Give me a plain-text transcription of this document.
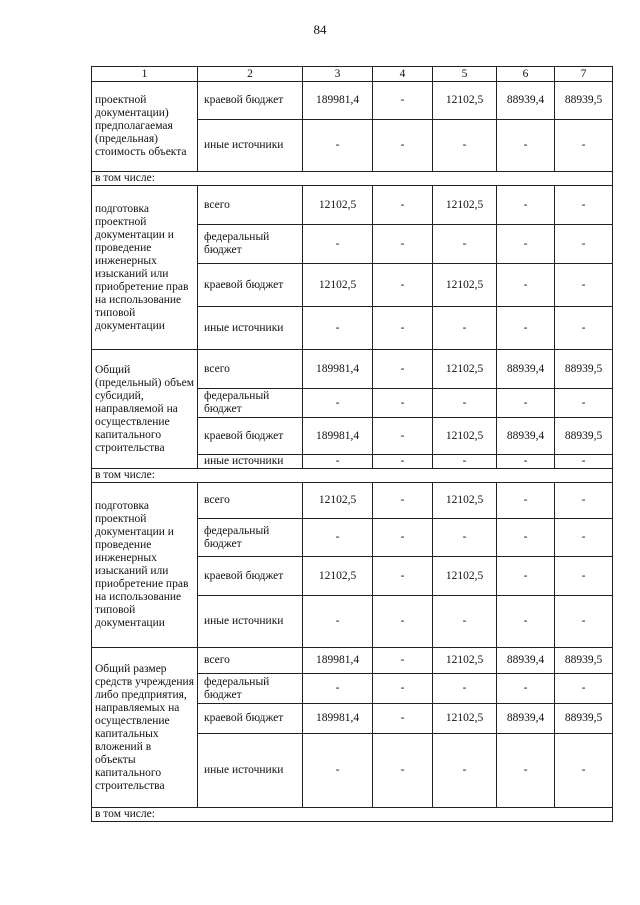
84
1	2	3	4	5	6	7
проектной документации) предполагаемая (предельная) стоимость объекта	краевой бюджет	189981,4	-	12102,5	88939,4	88939,5
	иные источники	-	-	-	-	-
в том числе:						
подготовка проектной документации и проведение инженерных изысканий или приобретение прав на использование типовой документации	всего	12102,5	-	12102,5	-	-
	федеральный бюджет	-	-	-	-	-
	краевой бюджет	12102,5	-	12102,5	-	-
	иные источники	-	-	-	-	-
Общий (предельный) объем субсидий, направляемой на осуществление капитального строительства	всего	189981,4	-	12102,5	88939,4	88939,5
	федеральный бюджет	-	-	-	-	-
	краевой бюджет	189981,4	-	12102,5	88939,4	88939,5
	иные источники	-	-	-	-	-
в том числе:						
подготовка проектной документации и проведение инженерных изысканий или приобретение прав на использование типовой документации	всего	12102,5	-	12102,5	-	-
	федеральный бюджет	-	-	-	-	-
	краевой бюджет	12102,5	-	12102,5	-	-
	иные источники	-	-	-	-	-
Общий размер средств учреждения либо предприятия, направляемых на осуществление капитальных вложений в объекты капитального строительства	всего	189981,4	-	12102,5	88939,4	88939,5
	федеральный бюджет	-	-	-	-	-
	краевой бюджет	189981,4	-	12102,5	88939,4	88939,5
	иные источники	-	-	-	-	-
в том числе:						
